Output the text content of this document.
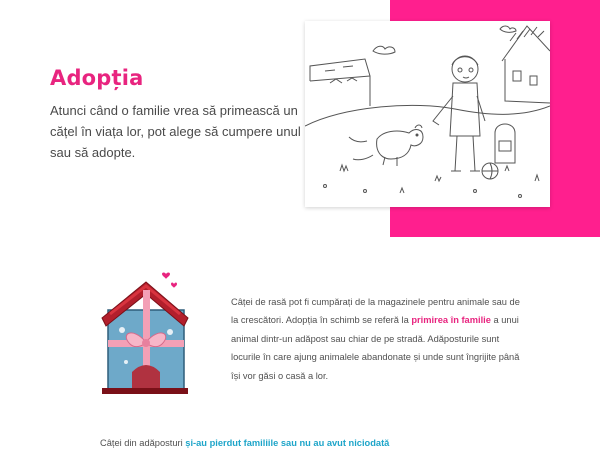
Adopția

Atunci când o familie vrea să primească un cățel în viața lor, pot alege să cumpere unul sau să adopte.

Câței de rasă pot fi cumpărați de la magazinele pentru animale sau de la crescători. Adopția în schimb se referă la primirea în familie a unui animal dintr-un adăpost sau chiar de pe stradă. Adăposturile sunt locurile în care ajung animalele abandonate și unde sunt îngrijite până își vor găsi o casă a lor.

Câței din adăposturi și-au pierdut familiile sau nu au avut niciodată
